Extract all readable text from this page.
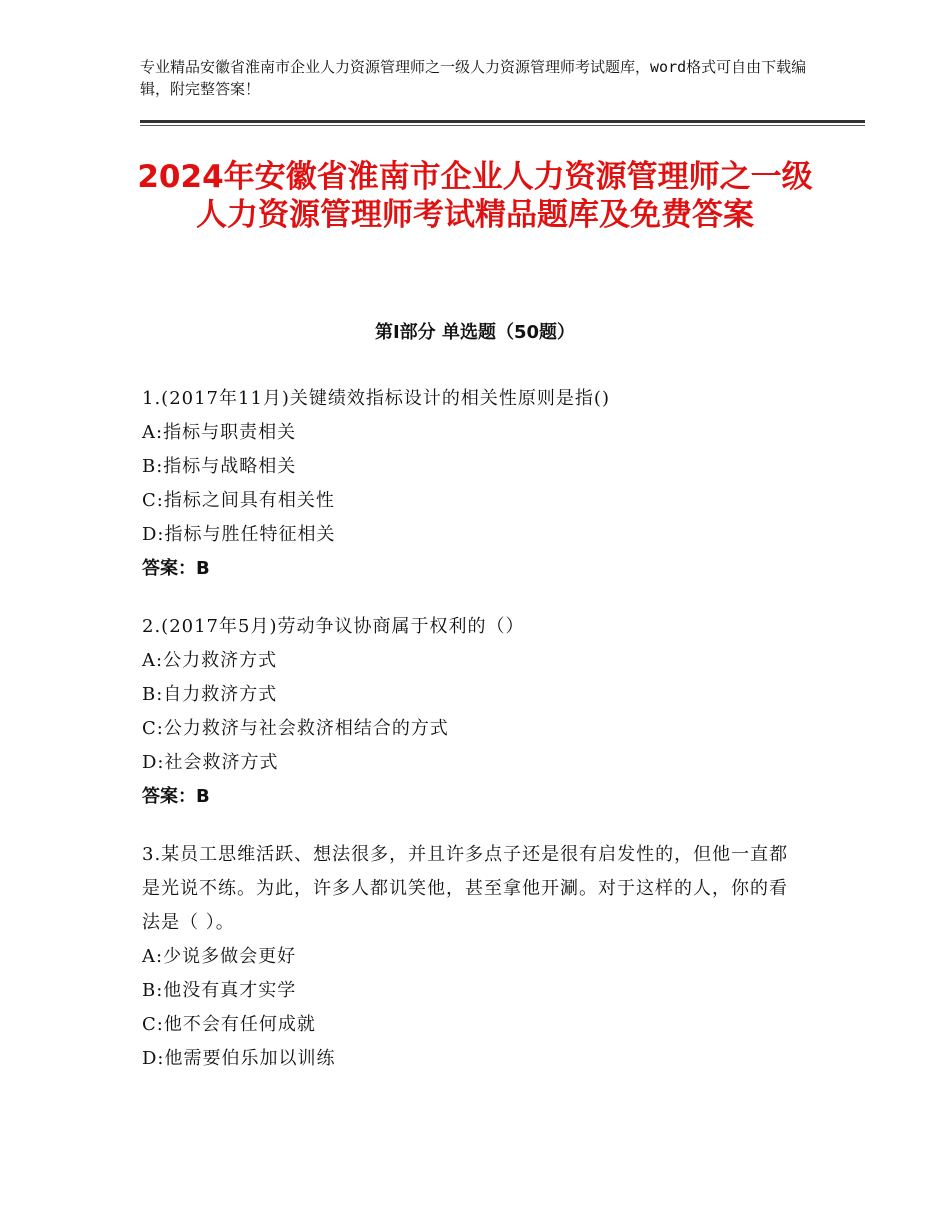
专业精品安徽省淮南市企业人力资源管理师之一级人力资源管理师考试题库，word格式可自由下载编辑，附完整答案！
2024年安徽省淮南市企业人力资源管理师之一级人力资源管理师考试精品题库及免费答案
第Ⅰ部分 单选题（50题）
1.(2017年11月)关键绩效指标设计的相关性原则是指()
A:指标与职责相关
B:指标与战略相关
C:指标之间具有相关性
D:指标与胜任特征相关
答案：B
2.(2017年5月)劳动争议协商属于权利的（）
A:公力救济方式
B:自力救济方式
C:公力救济与社会救济相结合的方式
D:社会救济方式
答案：B
3.某员工思维活跃、想法很多，并且许多点子还是很有启发性的，但他一直都是光说不练。为此，许多人都讥笑他，甚至拿他开涮。对于这样的人，你的看法是（ ）。
A:少说多做会更好
B:他没有真才实学
C:他不会有任何成就
D:他需要伯乐加以训练
